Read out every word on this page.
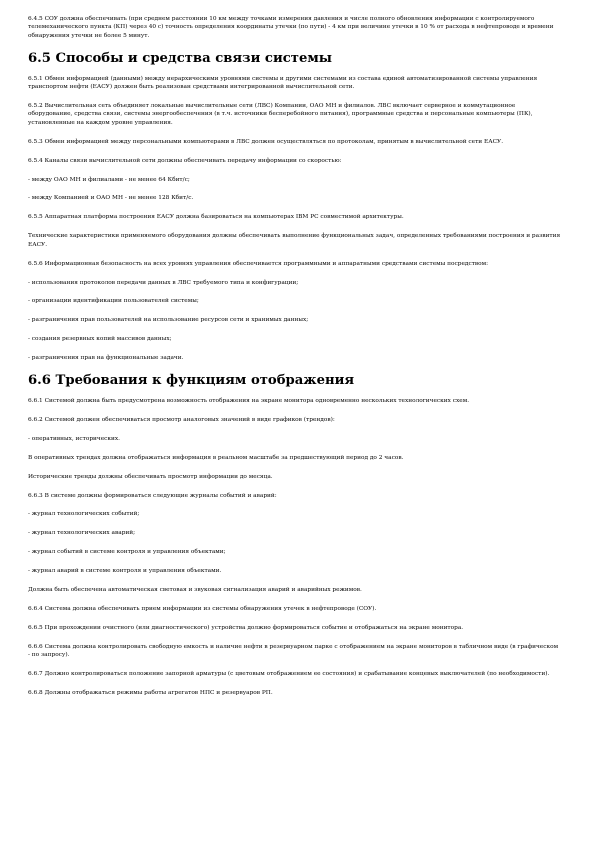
6.4.5 СОУ должна обеспечивать (при среднем расстоянии 10 км между точками измерения давления и числе полного обновления информации с контролируемого телемеханического пункта (КП) через 40 с) точность определения координаты утечки (по пути) - 4 км при величине утечки в 10 % от расхода в нефтепроводе и времени обнаружения утечки не более 5 минут.

6.5 Способы и средства связи системы

6.5.1 Обмен информацией (данными) между иерархическими уровнями системы и другими системами из состава единой автоматизированной системы управления транспортом нефти (ЕАСУ) должен быть реализован средствами интегрированной вычислительной сети.

6.5.2 Вычислительная сеть объединяет локальные вычислительные сети (ЛВС) Компании, ОАО МН и филиалов. ЛВС включает серверное и коммутационное оборудование, средства связи, системы энергообеспечения (в т.ч. источники бесперебойного питания), программные средства и персональные компьютеры (ПК), установленные на каждом уровне управления.

6.5.3 Обмен информацией между персональными компьютерами в ЛВС должен осуществляться по протоколам, принятым в вычислительной сети ЕАСУ.

6.5.4 Каналы связи вычислительной сети должны обеспечивать передачу информации со скоростью:

- между ОАО МН и филиалами - не менее 64 Кбит/с;

- между Компанией и ОАО МН - не менее 128 Кбит/с.

6.5.5 Аппаратная платформа построения ЕАСУ должна базироваться на компьютерах IBM PC совместимой архитектуры.

Технические характеристики применяемого оборудования должны обеспечивать выполнение функциональных задач, определенных требованиями построения и развития ЕАСУ.

6.5.6 Информационная безопасность на всех уровнях управления обеспечивается программными и аппаратными средствами системы посредством:

- использования протоколов передачи данных в ЛВС требуемого типа и конфигурации;

- организации идентификации пользователей системы;

- разграничения прав пользователей на использование ресурсов сети и хранимых данных;

- создания резервных копий массивов данных;

- разграничения прав на функциональные задачи.

6.6 Требования к функциям отображения

6.6.1 Системой должна быть предусмотрена возможность отображения на экране монитора одновременно нескольких технологических схем.

6.6.2 Системой должен обеспечиваться просмотр аналоговых значений в виде графиков (трендов):

- оперативных, исторических.

В оперативных трендах должна отображаться информация в реальном масштабе за предшествующий период до 2 часов.

Исторические тренды должны обеспечивать просмотр информации до месяца.

6.6.3 В системе должны формироваться следующие журналы событий и аварий:

- журнал технологических событий;

- журнал технологических аварий;

- журнал событий в системе контроля и управления объектами;

- журнал аварий в системе контроля и управления объектами.

Должна быть обеспечена автоматическая световая и звуковая сигнализация аварий и аварийных режимов.

6.6.4 Система должна обеспечивать прием информации из системы обнаружения утечек в нефтепроводе (СОУ).

6.6.5 При прохождении очистного (или диагностического) устройства должно формироваться событие и отображаться на экране монитора.

6.6.6 Система должна контролировать свободную емкость и наличие нефти в резервуарном парке с отображением на экране мониторов в табличном виде (в графическом - по запросу).

6.6.7 Должно контролироваться положение запорной арматуры (с цветовым отображением ее состояния) и срабатывание концевых выключателей (по необходимости).

6.6.8 Должны отображаться режимы работы агрегатов НПС и резервуаров РП.
